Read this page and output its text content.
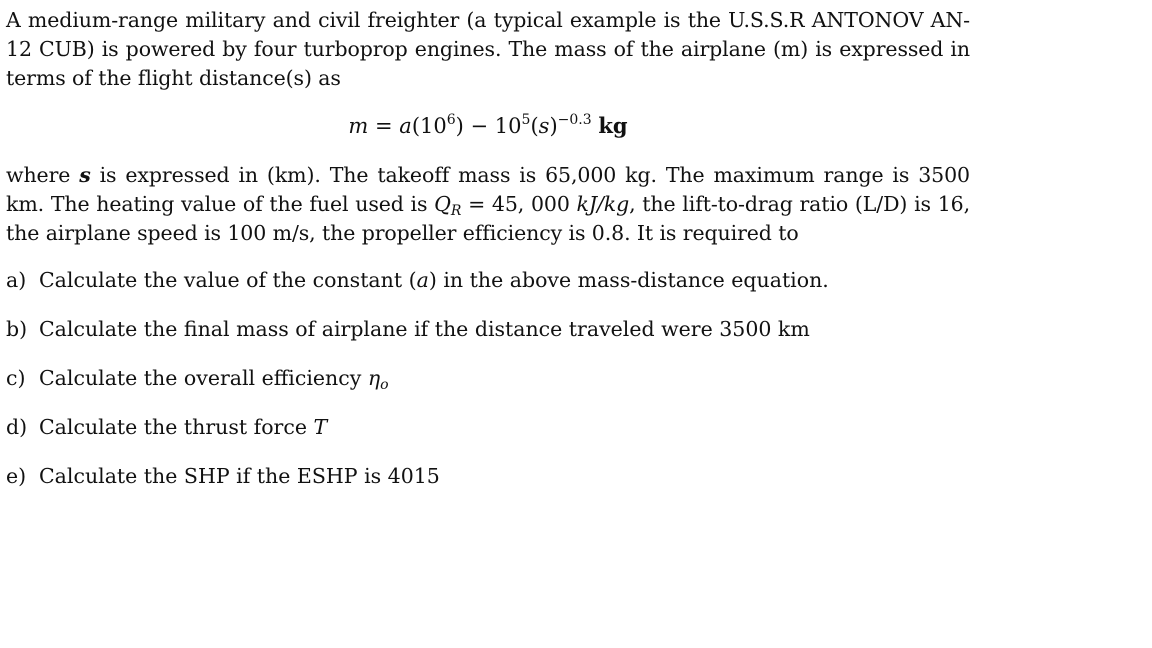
A medium-range military and civil freighter (a typical example is the U.S.S.R ANTONOV AN-12 CUB) is powered by four turboprop engines. The mass of the airplane (m) is expressed in terms of the flight distance(s) as

$m = a(10^6) - 10^5(s)^{-0.3}$ kg

where s is expressed in (km). The takeoff mass is 65,000 kg. The maximum range is 3500 km. The heating value of the fuel used is $Q_R = 45$, 000 kJ/kg, the lift-to-drag ratio (L/D) is 16, the airplane speed is 100 m/s, the propeller efficiency is 0.8. It is required to

a) Calculate the value of the constant (a) in the above mass-distance equation.
b) Calculate the final mass of airplane if the distance traveled were 3500 km
c) Calculate the overall efficiency $\eta_o$
d) Calculate the thrust force T
e) Calculate the SHP if the ESHP is 4015
